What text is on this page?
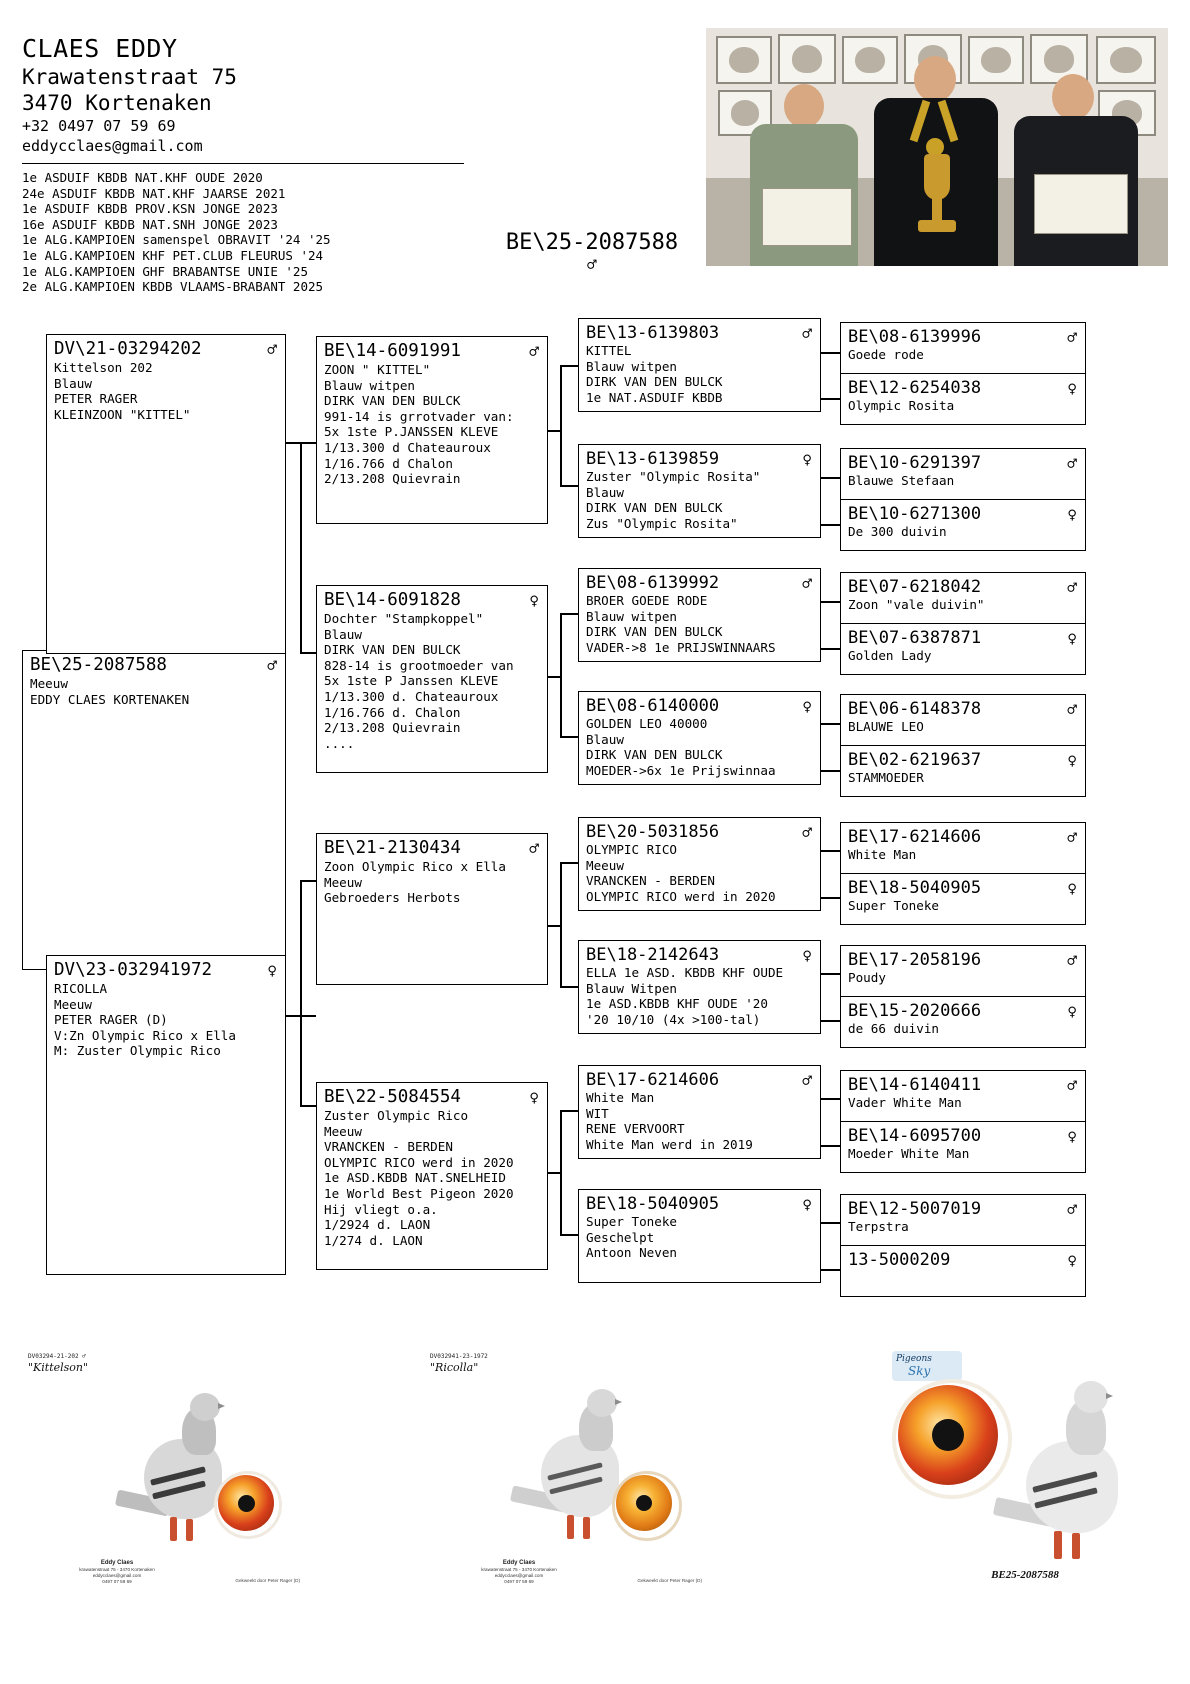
CLAES EDDY
Krawatenstraat 75
3470 Kortenaken
+32 0497 07 59 69
eddycclaes@gmail.com
1e ASDUIF KBDB NAT.KHF OUDE 2020
24e ASDUIF KBDB NAT.KHF JAARSE 2021
1e ASDUIF KBDB PROV.KSN JONGE 2023
16e ASDUIF KBDB NAT.SNH JONGE 2023
1e ALG.KAMPIOEN samenspel OBRAVIT '24 '25
1e ALG.KAMPIOEN KHF PET.CLUB FLEURUS '24
1e ALG.KAMPIOEN GHF BRABANTSE UNIE '25
2e ALG.KAMPIOEN KBDB VLAAMS-BRABANT 2025
BE\25-2087588
♂
BE\25-2087588	♂
Meeuw
EDDY CLAES KORTENAKEN
DV\21-03294202	♂
Kittelson 202
Blauw
PETER RAGER
KLEINZOON "KITTEL"
DV\23-032941972	♀
RICOLLA
Meeuw
PETER RAGER (D)
V:Zn Olympic Rico x Ella
M: Zuster Olympic Rico
BE\14-6091991	♂
ZOON " KITTEL"
Blauw witpen
DIRK VAN DEN BULCK
991-14 is grrotvader van:
5x 1ste P.JANSSEN KLEVE
1/13.300 d Chateauroux
1/16.766 d Chalon
2/13.208 Quievrain
BE\14-6091828	♀
Dochter "Stampkoppel"
Blauw
DIRK VAN DEN BULCK
828-14 is grootmoeder van
5x 1ste P Janssen KLEVE
1/13.300 d. Chateauroux
1/16.766 d. Chalon
2/13.208 Quievrain
....
BE\21-2130434	♂
Zoon Olympic Rico x Ella
Meeuw
Gebroeders Herbots
BE\22-5084554	♀
Zuster Olympic Rico
Meeuw
VRANCKEN - BERDEN
OLYMPIC RICO werd in 2020
1e ASD.KBDB NAT.SNELHEID
1e World Best Pigeon 2020
Hij vliegt o.a.
1/2924 d. LAON
1/274 d. LAON
BE\13-6139803	♂
KITTEL
Blauw witpen
DIRK VAN DEN BULCK
1e NAT.ASDUIF KBDB
BE\13-6139859	♀
Zuster "Olympic Rosita"
Blauw
DIRK VAN DEN BULCK
Zus "Olympic Rosita"
BE\08-6139992	♂
BROER GOEDE RODE
Blauw witpen
DIRK VAN DEN BULCK
VADER->8 1e PRIJSWINNAARS
BE\08-6140000	♀
GOLDEN LEO 40000
Blauw
DIRK VAN DEN BULCK
MOEDER->6x 1e Prijswinnaa
BE\20-5031856	♂
OLYMPIC RICO
Meeuw
VRANCKEN - BERDEN
OLYMPIC RICO werd in 2020
BE\18-2142643	♀
ELLA 1e ASD. KBDB KHF OUDE
Blauw Witpen
1e ASD.KBDB KHF OUDE '20
'20 10/10 (4x >100-tal)
BE\17-6214606	♂
White Man
WIT
RENE VERVOORT
White Man werd in 2019
BE\18-5040905	♀
Super Toneke
Geschelpt
Antoon Neven
BE\08-6139996	♂
Goede rode
BE\12-6254038	♀
Olympic Rosita
BE\10-6291397	♂
Blauwe Stefaan
BE\10-6271300	♀
De 300 duivin
BE\07-6218042	♂
Zoon "vale duivin"
BE\07-6387871	♀
Golden Lady
BE\06-6148378	♂
BLAUWE LEO
BE\02-6219637	♀
STAMMOEDER
BE\17-6214606	♂
White Man
BE\18-5040905	♀
Super Toneke
BE\17-2058196	♂
Poudy
BE\15-2020666	♀
de 66 duivin
BE\14-6140411	♂
Vader White Man
BE\14-6095700	♀
Moeder White Man
BE\12-5007019	♂
Terpstra
13-5000209	♀
DV03294-21-202 ♂
"Kittelson"
Eddy Claes
krawatenstraat 75 - 3470 Kortenaken
eddycclaes@gmail.com
0497 07 59 69	Gekweekt door Peter Rager (D)
DV032941-23-1972
"Ricolla"
Eddy Claes
krawatenstraat 75 - 3470 Kortenaken
eddycclaes@gmail.com
0497 07 59 69	Gekweekt door Peter Rager (D)
Pigeons
Sky
BE25-2087588
